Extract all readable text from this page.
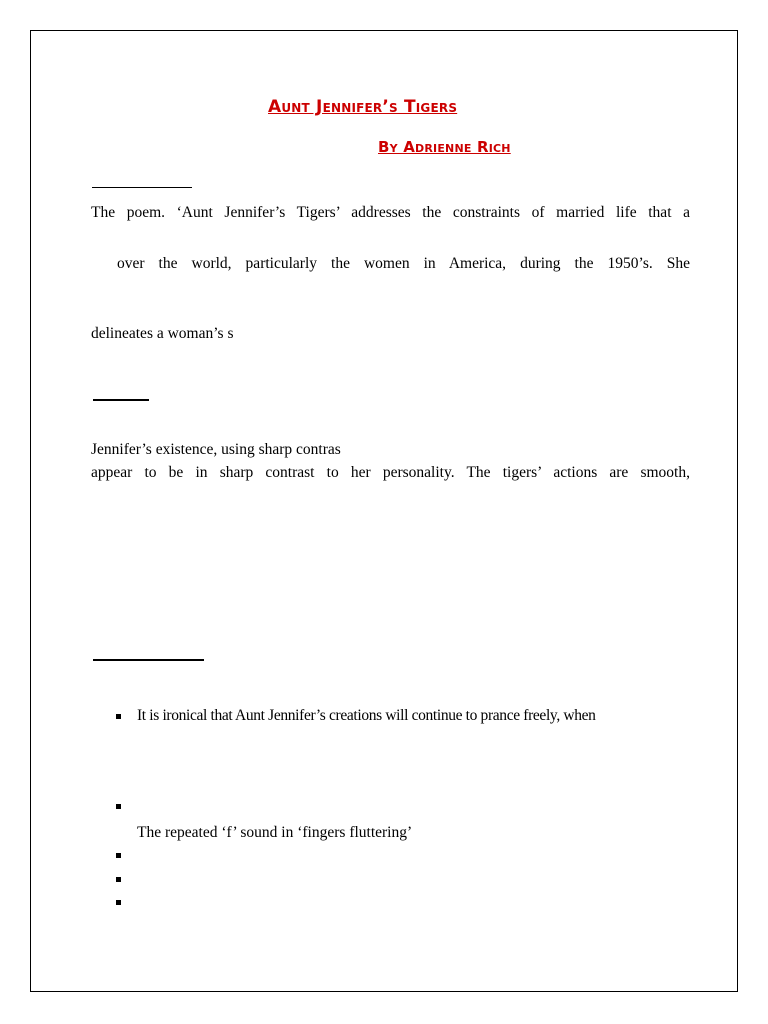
Aunt Jennifer’s Tigers
By Adrienne Rich
The poem. ‘Aunt Jennifer’s Tigers’ addresses the constraints of married life that a
over the world, particularly the women in America, during the 1950’s. She
delineates a woman’s s
Jennifer’s existence, using sharp contras
appear to be in sharp contrast to her personality. The tigers’ actions are smooth,
It is ironical that Aunt Jennifer’s creations will continue to prance freely, when
The repeated ‘f’ sound in ‘fingers fluttering’
